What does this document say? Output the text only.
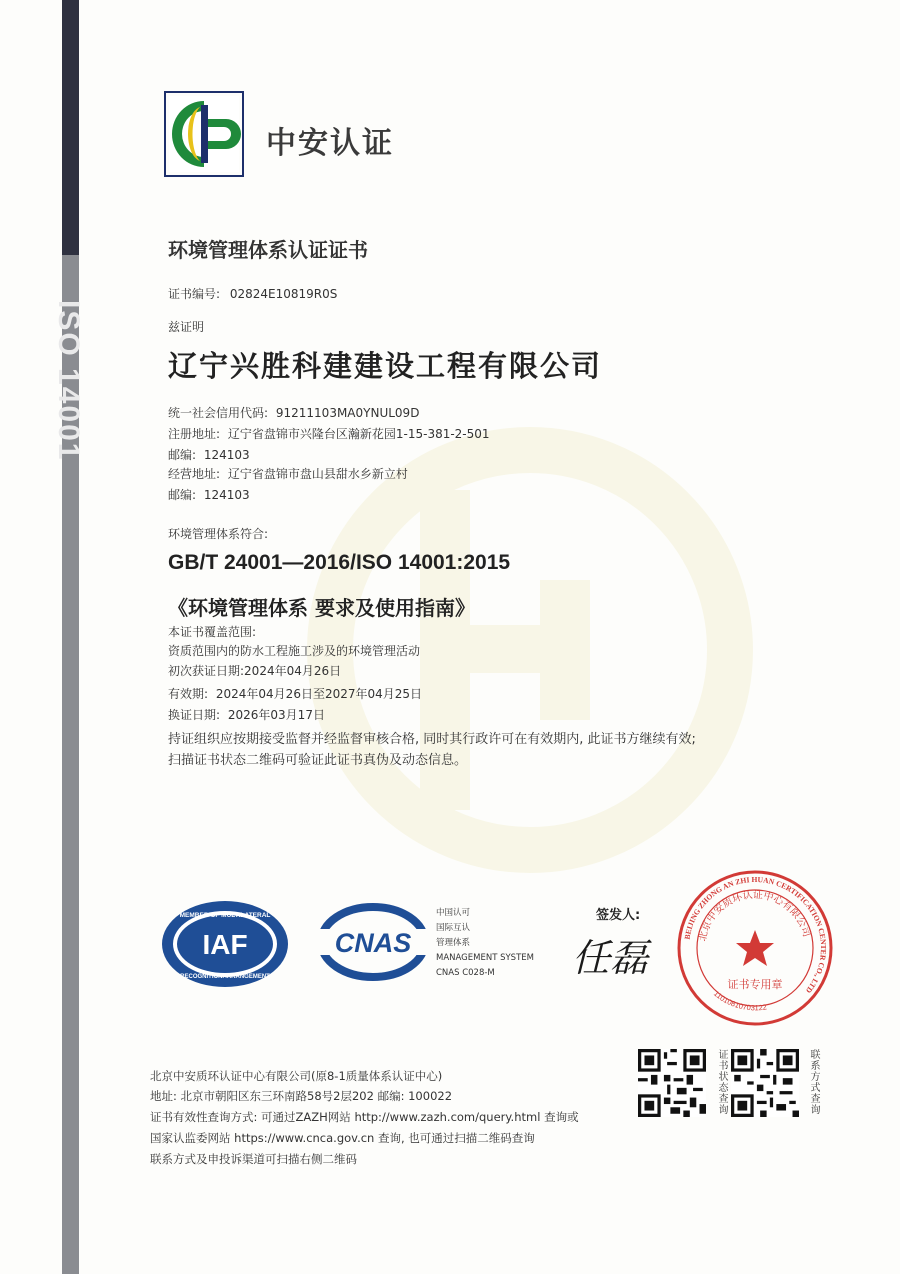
ISO 14001
中安认证
环境管理体系认证证书
证书编号: 02824E10819R0S
兹证明
辽宁兴胜科建建设工程有限公司
统一社会信用代码: 91211103MA0YNUL09D
注册地址: 辽宁省盘锦市兴隆台区瀚新花园1-15-381-2-501
邮编: 124103
经营地址: 辽宁省盘锦市盘山县甜水乡新立村
邮编: 124103
环境管理体系符合:
GB/T 24001—2016/ISO 14001:2015
《环境管理体系 要求及使用指南》
本证书覆盖范围:
资质范围内的防水工程施工涉及的环境管理活动
初次获证日期:2024年04月26日
有效期: 2024年04月26日至2027年04月25日
换证日期: 2026年03月17日
持证组织应按期接受监督并经监督审核合格, 同时其行政许可在有效期内, 此证书方继续有效;
扫描证书状态二维码可验证此证书真伪及动态信息。
MEMBER OF MULTILATERAL
IAF
RECOGNITIONARRANGEMENT
CNAS
中国认可
国际互认
管理体系
MANAGEMENT SYSTEM
CNAS C028-M
签发人:
任磊	BEIJING ZHONG AN ZHI HUAN CERTIFICATION CENTER CO., LTD
北京中安质环认证中心有限公司
证书专用章
1101081070312​2
北京中安质环认证中心有限公司(原8-1质量体系认证中心)
地址: 北京市朝阳区东三环南路58号2层202 邮编: 100022
证书有效性查询方式: 可通过ZAZH网站 http://www.zazh.com/query.html 查询或
国家认监委网站 https://www.cnca.gov.cn 查询, 也可通过扫描二维码查询
联系方式及申投诉渠道可扫描右侧二维码
证书状态查询	联系方式查询
